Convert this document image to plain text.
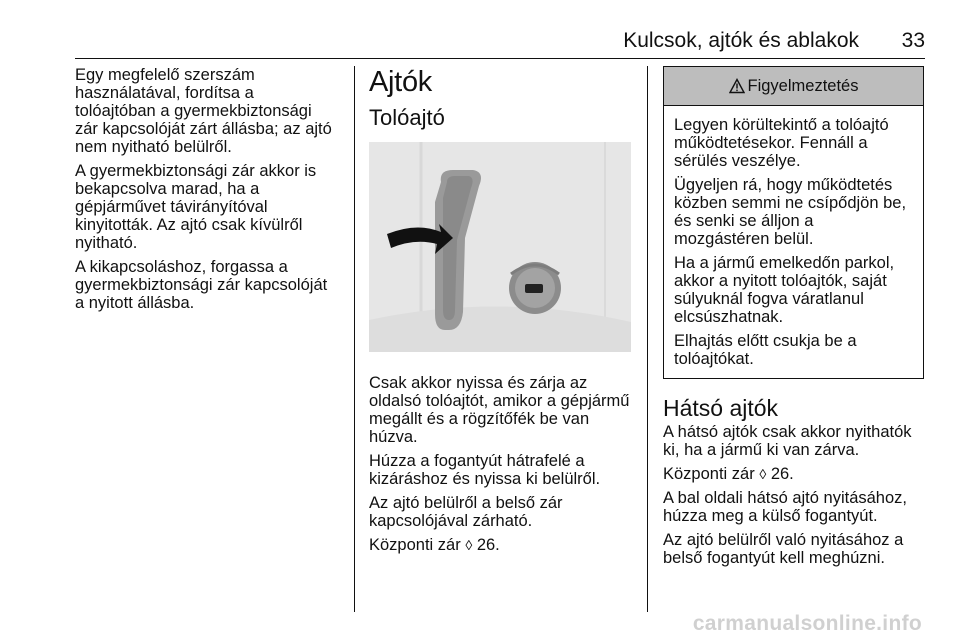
Kulcsok, ajtók és ablakok 33

Egy megfelelő szerszám használatával, fordítsa a tolóajtóban a gyermekbiztonsági zár kapcsolóját zárt állásba; az ajtó nem nyitható belülről.

A gyermekbiztonsági zár akkor is bekapcsolva marad, ha a gépjárművet távirányítóval kinyitották. Az ajtó csak kívülről nyitható.

A kikapcsoláshoz, forgassa a gyermekbiztonsági zár kapcsolóját a nyitott állásba.

Ajtók
Tolóajtó

Csak akkor nyissa és zárja az oldalsó tolóajtót, amikor a gépjármű megállt és a rögzítőfék be van húzva.

Húzza a fogantyút hátrafelé a kizáráshoz és nyissa ki belülről.

Az ajtó belülről a belső zár kapcsolójával zárható.

Központi zár ◊ 26.

Figyelmeztetés

Legyen körültekintő a tolóajtó működtetésekor. Fennáll a sérülés veszélye.

Ügyeljen rá, hogy működtetés közben semmi ne csípődjön be, és senki se álljon a mozgástéren belül.

Ha a jármű emelkedőn parkol, akkor a nyitott tolóajtók, saját súlyuknál fogva váratlanul elcsúszhatnak.

Elhajtás előtt csukja be a tolóajtókat.

Hátsó ajtók

A hátsó ajtók csak akkor nyithatók ki, ha a jármű ki van zárva.

Központi zár ◊ 26.

A bal oldali hátsó ajtó nyitásához, húzza meg a külső fogantyút.

Az ajtó belülről való nyitásához a belső fogantyút kell meghúzni.

carmanualsonline.info
